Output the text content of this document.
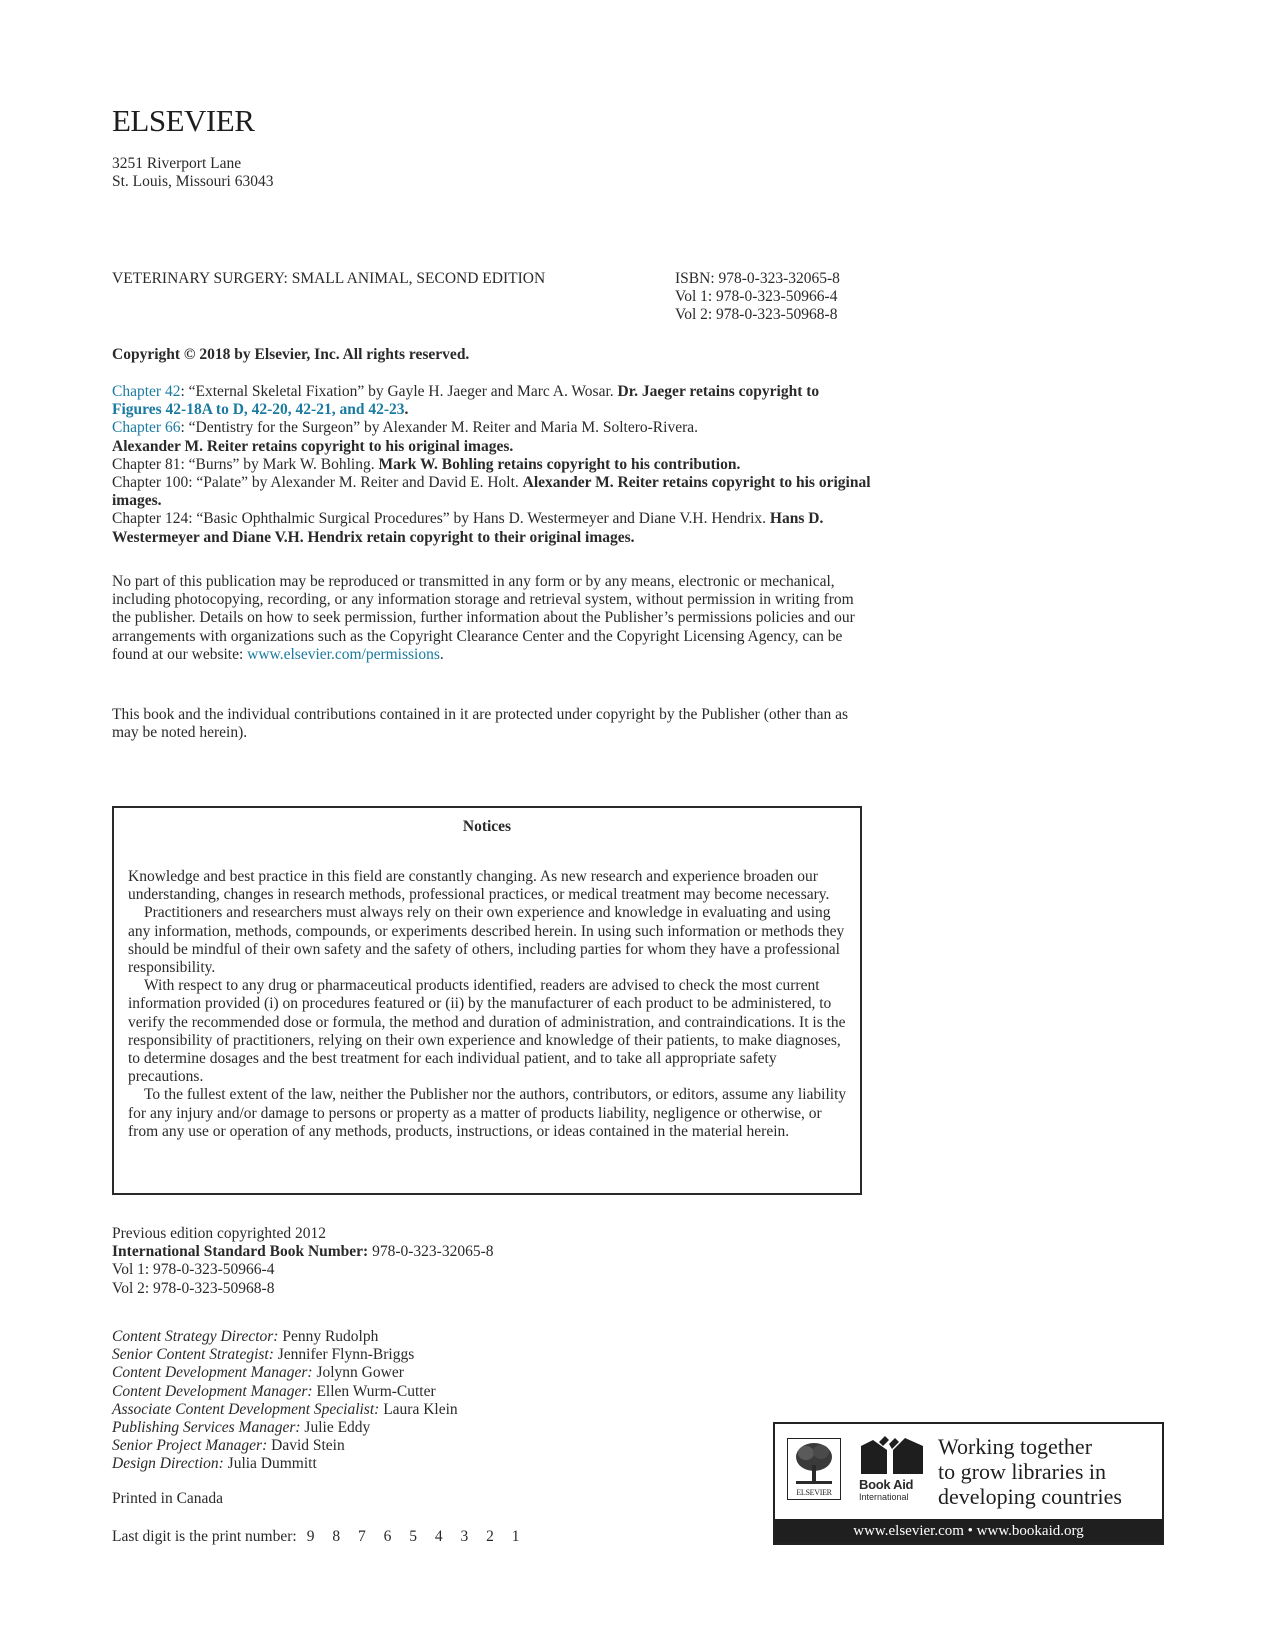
ELSEVIER
3251 Riverport Lane
St. Louis, Missouri 63043
VETERINARY SURGERY: SMALL ANIMAL, SECOND EDITION	ISBN: 978-0-323-32065-8
Vol 1: 978-0-323-50966-4
Vol 2: 978-0-323-50968-8
Copyright © 2018 by Elsevier, Inc. All rights reserved.

Chapter 42: “External Skeletal Fixation” by Gayle H. Jaeger and Marc A. Wosar. Dr. Jaeger retains copyright to Figures 42-18A to D, 42-20, 42-21, and 42-23.

Chapter 66: “Dentistry for the Surgeon” by Alexander M. Reiter and Maria M. Soltero-Rivera.
Alexander M. Reiter retains copyright to his original images.

Chapter 81: “Burns” by Mark W. Bohling. Mark W. Bohling retains copyright to his contribution.

Chapter 100: “Palate” by Alexander M. Reiter and David E. Holt. Alexander M. Reiter retains copyright to his original images.

Chapter 124: “Basic Ophthalmic Surgical Procedures” by Hans D. Westermeyer and Diane V.H. Hendrix. Hans D. Westermeyer and Diane V.H. Hendrix retain copyright to their original images.

No part of this publication may be reproduced or transmitted in any form or by any means, electronic or mechanical, including photocopying, recording, or any information storage and retrieval system, without permission in writing from the publisher. Details on how to seek permission, further information about the Publisher’s permissions policies and our arrangements with organizations such as the Copyright Clearance Center and the Copyright Licensing Agency, can be found at our website: www.elsevier.com/permissions.
This book and the individual contributions contained in it are protected under copyright by the Publisher (other than as may be noted herein).
Notices

Knowledge and best practice in this field are constantly changing. As new research and experience broaden our understanding, changes in research methods, professional practices, or medical treatment may become necessary.

Practitioners and researchers must always rely on their own experience and knowledge in evaluating and using any information, methods, compounds, or experiments described herein. In using such information or methods they should be mindful of their own safety and the safety of others, including parties for whom they have a professional responsibility.

With respect to any drug or pharmaceutical products identified, readers are advised to check the most current information provided (i) on procedures featured or (ii) by the manufacturer of each product to be administered, to verify the recommended dose or formula, the method and duration of administration, and contraindications. It is the responsibility of practitioners, relying on their own experience and knowledge of their patients, to make diagnoses, to determine dosages and the best treatment for each individual patient, and to take all appropriate safety precautions.

To the fullest extent of the law, neither the Publisher nor the authors, contributors, or editors, assume any liability for any injury and/or damage to persons or property as a matter of products liability, negligence or otherwise, or from any use or operation of any methods, products, instructions, or ideas contained in the material herein.

Previous edition copyrighted 2012
International Standard Book Number: 978-0-323-32065-8
Vol 1: 978-0-323-50966-4
Vol 2: 978-0-323-50968-8
Content Strategy Director: Penny Rudolph
Senior Content Strategist: Jennifer Flynn-Briggs
Content Development Manager: Jolynn Gower
Content Development Manager: Ellen Wurm-Cutter
Associate Content Development Specialist: Laura Klein
Publishing Services Manager: Julie Eddy
Senior Project Manager: David Stein
Design Direction: Julia Dummitt
Printed in Canada
Last digit is the print number: 9 8 7 6 5 4 3 2 1
ELSEVIER
Book Aid
International
Working together
to grow libraries in
developing countries
www.elsevier.com • www.bookaid.org
